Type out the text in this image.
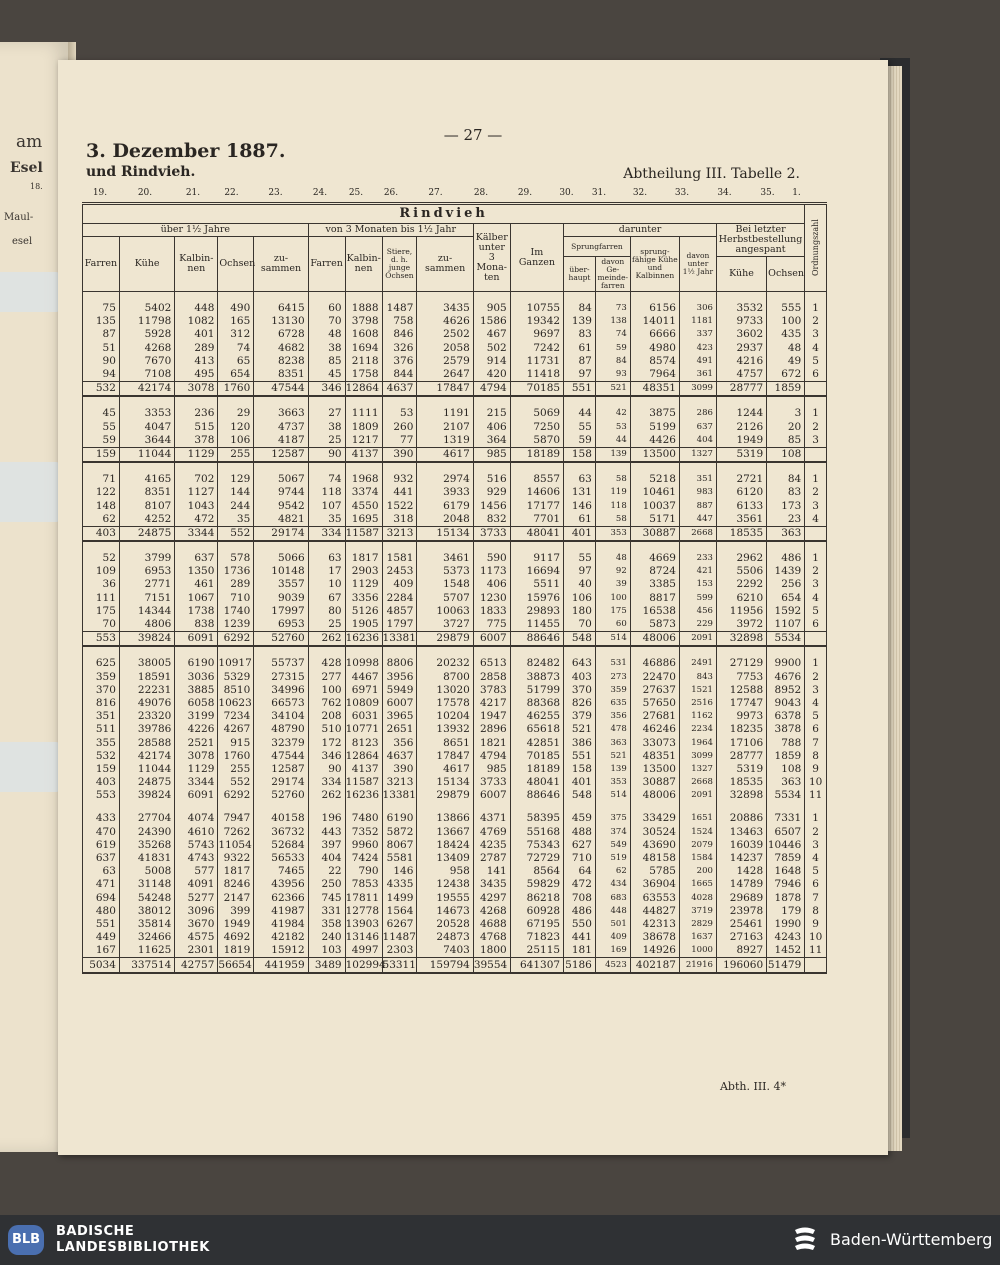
am
Esel
18.
Maul-
esel
— 27 —
3. Dezember 1887.
und Rindvieh.	Abtheilung III. Tabelle 2.
19.	20.	21.	22.	23.	24. 25. 26.	27.	28.	29.	30. 31.	32.	33.	34.	35. 1.
Rindvieh																	Ordnungszahl
über 1½ Jahre					von 3 Monaten bis 1½ Jahr				Kälber unter 3 Mona-ten	Im Ganzen	darunter				Bei letzter Herbstbestellung angespant		
Farren	Kühe	Kalbin-nen	Ochsen	zu-sammen	Farren	Kalbin-nen	Stiere, d. h. junge Ochsen	zu-sammen			Sprungfarren		sprung-fähige Kühe und Kalbinnen	davon unter 1½ Jahr			
											über-haupt	davon Ge-meinde-farren			Kühe	Ochsen	

75	5402	448	490	6415	60	1888	1487	3435	905	10755	84	73	6156	306	3532	555	1
135	11798	1082	165	13130	70	3798	758	4626	1586	19342	139	138	14011	1181	9733	100	2
87	5928	401	312	6728	48	1608	846	2502	467	9697	83	74	6666	337	3602	435	3
51	4268	289	74	4682	38	1694	326	2058	502	7242	61	59	4980	423	2937	48	4
90	7670	413	65	8238	85	2118	376	2579	914	11731	87	84	8574	491	4216	49	5
94	7108	495	654	8351	45	1758	844	2647	420	11418	97	93	7964	361	4757	672	6
532	42174	3078	1760	47544	346	12864	4637	17847	4794	70185	551	521	48351	3099	28777	1859	

45	3353	236	29	3663	27	1111	53	1191	215	5069	44	42	3875	286	1244	3	1
55	4047	515	120	4737	38	1809	260	2107	406	7250	55	53	5199	637	2126	20	2
59	3644	378	106	4187	25	1217	77	1319	364	5870	59	44	4426	404	1949	85	3
159	11044	1129	255	12587	90	4137	390	4617	985	18189	158	139	13500	1327	5319	108	

71	4165	702	129	5067	74	1968	932	2974	516	8557	63	58	5218	351	2721	84	1
122	8351	1127	144	9744	118	3374	441	3933	929	14606	131	119	10461	983	6120	83	2
148	8107	1043	244	9542	107	4550	1522	6179	1456	17177	146	118	10037	887	6133	173	3
62	4252	472	35	4821	35	1695	318	2048	832	7701	61	58	5171	447	3561	23	4
403	24875	3344	552	29174	334	11587	3213	15134	3733	48041	401	353	30887	2668	18535	363	

52	3799	637	578	5066	63	1817	1581	3461	590	9117	55	48	4669	233	2962	486	1
109	6953	1350	1736	10148	17	2903	2453	5373	1173	16694	97	92	8724	421	5506	1439	2
36	2771	461	289	3557	10	1129	409	1548	406	5511	40	39	3385	153	2292	256	3
111	7151	1067	710	9039	67	3356	2284	5707	1230	15976	106	100	8817	599	6210	654	4
175	14344	1738	1740	17997	80	5126	4857	10063	1833	29893	180	175	16538	456	11956	1592	5
70	4806	838	1239	6953	25	1905	1797	3727	775	11455	70	60	5873	229	3972	1107	6
553	39824	6091	6292	52760	262	16236	13381	29879	6007	88646	548	514	48006	2091	32898	5534	

625	38005	6190	10917	55737	428	10998	8806	20232	6513	82482	643	531	46886	2491	27129	9900	1
359	18591	3036	5329	27315	277	4467	3956	8700	2858	38873	403	273	22470	843	7753	4676	2
370	22231	3885	8510	34996	100	6971	5949	13020	3783	51799	370	359	27637	1521	12588	8952	3
816	49076	6058	10623	66573	762	10809	6007	17578	4217	88368	826	635	57650	2516	17747	9043	4
351	23320	3199	7234	34104	208	6031	3965	10204	1947	46255	379	356	27681	1162	9973	6378	5
511	39786	4226	4267	48790	510	10771	2651	13932	2896	65618	521	478	46246	2234	18235	3878	6
355	28588	2521	915	32379	172	8123	356	8651	1821	42851	386	363	33073	1964	17106	788	7
532	42174	3078	1760	47544	346	12864	4637	17847	4794	70185	551	521	48351	3099	28777	1859	8
159	11044	1129	255	12587	90	4137	390	4617	985	18189	158	139	13500	1327	5319	108	9
403	24875	3344	552	29174	334	11587	3213	15134	3733	48041	401	353	30887	2668	18535	363	10
553	39824	6091	6292	52760	262	16236	13381	29879	6007	88646	548	514	48006	2091	32898	5534	11

433	27704	4074	7947	40158	196	7480	6190	13866	4371	58395	459	375	33429	1651	20886	7331	1
470	24390	4610	7262	36732	443	7352	5872	13667	4769	55168	488	374	30524	1524	13463	6507	2
619	35268	5743	11054	52684	397	9960	8067	18424	4235	75343	627	549	43690	2079	16039	10446	3
637	41831	4743	9322	56533	404	7424	5581	13409	2787	72729	710	519	48158	1584	14237	7859	4
63	5008	577	1817	7465	22	790	146	958	141	8564	64	62	5785	200	1428	1648	5
471	31148	4091	8246	43956	250	7853	4335	12438	3435	59829	472	434	36904	1665	14789	7946	6
694	54248	5277	2147	62366	745	17811	1499	19555	4297	86218	708	683	63553	4028	29689	1878	7
480	38012	3096	399	41987	331	12778	1564	14673	4268	60928	486	448	44827	3719	23978	179	8
551	35814	3670	1949	41984	358	13903	6267	20528	4688	67195	550	501	42313	2829	25461	1990	9
449	32466	4575	4692	42182	240	13146	11487	24873	4768	71823	441	409	38678	1637	27163	4243	10
167	11625	2301	1819	15912	103	4997	2303	7403	1800	25115	181	169	14926	1000	8927	1452	11
5034	337514	42757	56654	441959	3489	102994	53311	159794	39554	641307	5186	4523	402187	21916	196060	51479	
Abth. III. 4*
BLB
BADISCHE
LANDESBIBLIOTHEK	Baden-Württemberg
